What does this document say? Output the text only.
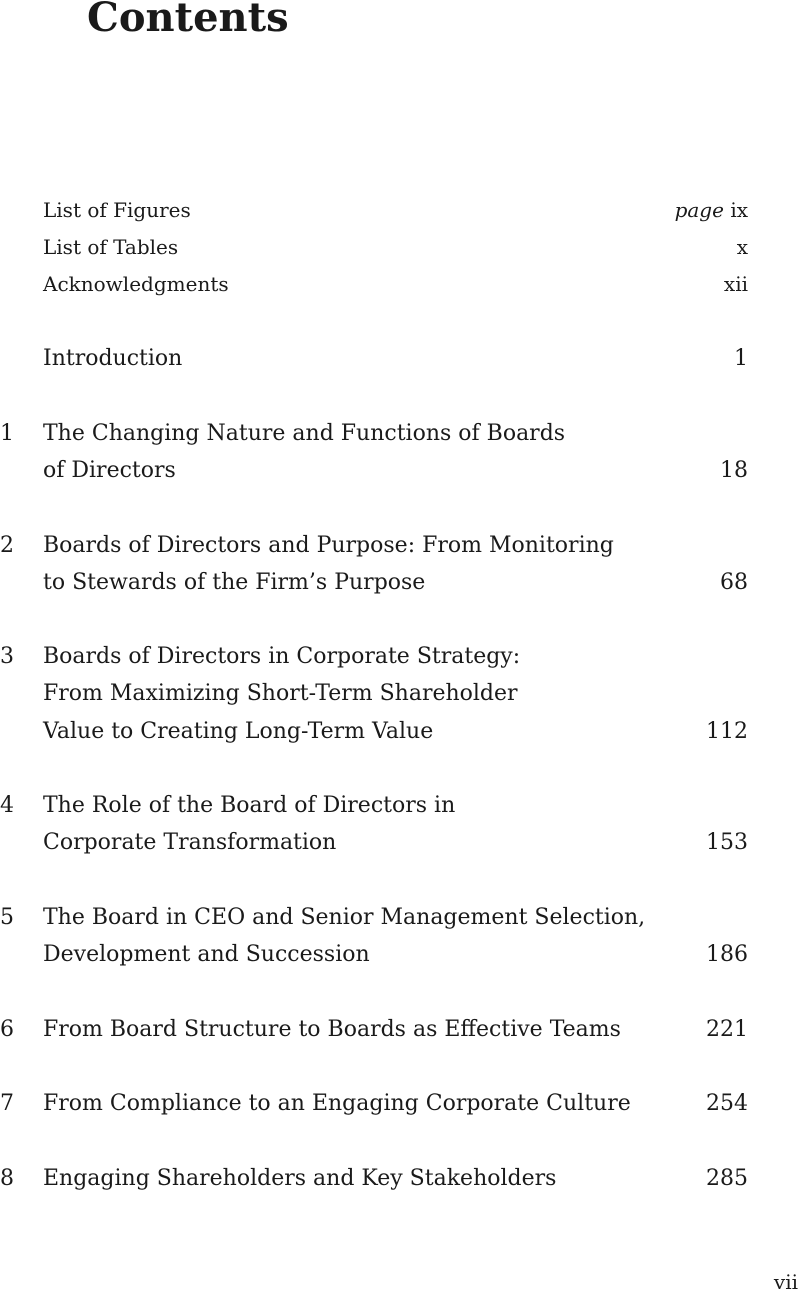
Contents
List of Figures	page ix
List of Tables	x
Acknowledgments	xii
Introduction	1
1	The Changing Nature and Functions of Boards
of Directors	18
2	Boards of Directors and Purpose: From Monitoring
to Stewards of the Firm’s Purpose	68
3	Boards of Directors in Corporate Strategy:
From Maximizing Short-Term Shareholder
Value to Creating Long-Term Value	112
4	The Role of the Board of Directors in
Corporate Transformation	153
5	The Board in CEO and Senior Management Selection,
Development and Succession	186
6	From Board Structure to Boards as Effective Teams	221
7	From Compliance to an Engaging Corporate Culture	254
8	Engaging Shareholders and Key Stakeholders	285
vii
